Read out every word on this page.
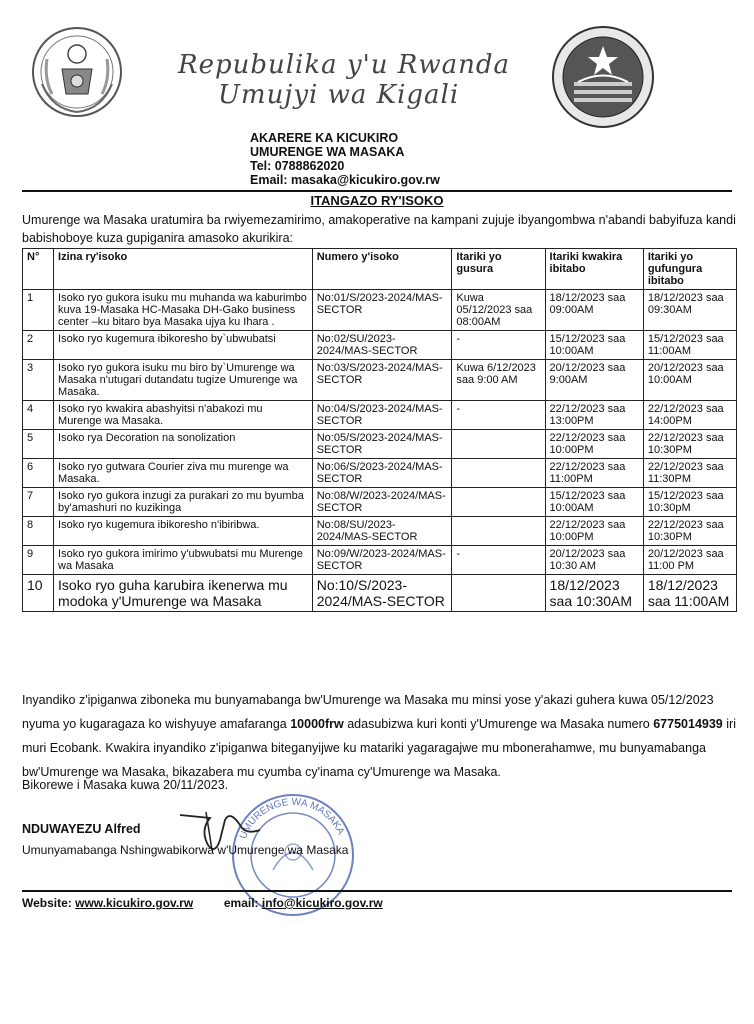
Repubulika y'u Rwanda
Umujyi wa Kigali
AKARERE KA KICUKIRO
UMURENGE WA MASAKA
Tel: 0788862020
Email: masaka@kicukiro.gov.rw
ITANGAZO RY'ISOKO
Umurenge wa Masaka uratumira ba rwiyemezamirimo, amakoperative na kampani zujuje ibyangombwa n'abandi babyifuza kandi babishoboye kuza gupiganira amasoko akurikira:
N°	Izina ry'isoko	Numero y'isoko	Itariki yo gusura	Itariki kwakira ibitabo	Itariki yo gufungura ibitabo
1	Isoko ryo gukora isuku mu muhanda wa kaburimbo kuva 19-Masaka HC-Masaka DH-Gako business center –ku bitaro bya Masaka ujya ku Ihara .	No:01/S/2023-2024/MAS-SECTOR	Kuwa 05/12/2023 saa 08:00AM	18/12/2023 saa 09:00AM	18/12/2023 saa 09:30AM
2	Isoko ryo kugemura ibikoresho by`ubwubatsi	No:02/SU/2023-2024/MAS-SECTOR	-	15/12/2023 saa 10:00AM	15/12/2023 saa 11:00AM
3	Isoko ryo gukora isuku mu biro by`Umurenge wa Masaka n'utugari dutandatu tugize Umurenge wa Masaka.	No:03/S/2023-2024/MAS-SECTOR	Kuwa 6/12/2023 saa 9:00 AM	20/12/2023 saa 9:00AM	20/12/2023 saa 10:00AM
4	Isoko ryo kwakira abashyitsi n'abakozi mu Murenge wa Masaka.	No:04/S/2023-2024/MAS-SECTOR	-	22/12/2023 saa 13:00PM	22/12/2023 saa 14:00PM
5	Isoko rya Decoration na sonolization	No:05/S/2023-2024/MAS-SECTOR		22/12/2023 saa 10:00PM	22/12/2023 saa 10:30PM
6	Isoko ryo gutwara Courier ziva mu murenge wa Masaka.	No:06/S/2023-2024/MAS-SECTOR		22/12/2023 saa 11:00PM	22/12/2023 saa 11:30PM
7	Isoko ryo gukora inzugi za purakari zo mu byumba by'amashuri no kuzikinga	No:08/W/2023-2024/MAS-SECTOR		15/12/2023 saa 10:00AM	15/12/2023 saa 10:30pM
8	Isoko ryo kugemura ibikoresho n'ibiribwa.	No:08/SU/2023-2024/MAS-SECTOR		22/12/2023 saa 10:00PM	22/12/2023 saa 10:30PM
9	Isoko ryo gukora imirimo y'ubwubatsi mu Murenge wa Masaka	No:09/W/2023-2024/MAS-SECTOR	-	20/12/2023 saa 10:30 AM	20/12/2023 saa 11:00 PM
10	Isoko ryo guha karubira ikenerwa mu modoka y'Umurenge wa Masaka	No:10/S/2023-2024/MAS-SECTOR		18/12/2023 saa 10:30AM	18/12/2023 saa 11:00AM
Inyandiko z'ipiganwa ziboneka mu bunyamabanga bw'Umurenge wa Masaka mu minsi yose y'akazi guhera kuwa 05/12/2023 nyuma yo kugaragaza ko wishyuye amafaranga 10000frw adasubizwa kuri konti y'Umurenge wa Masaka numero 6775014939 iri muri Ecobank. Kwakira inyandiko z'ipiganwa biteganyijwe ku matariki yagaragajwe mu mbonerahamwe, mu bunyamabanga bw'Umurenge wa Masaka, bikazabera mu cyumba cy'inama cy'Umurenge wa Masaka.
Bikorewe i Masaka kuwa 20/11/2023.
UMURENGE WA MASAKA
NDUWAYEZU Alfred
Umunyamabanga Nshingwabikorwa w'Umurenge wa Masaka
Website: www.kicukiro.gov.rw	email: info@kicukiro.gov.rw
